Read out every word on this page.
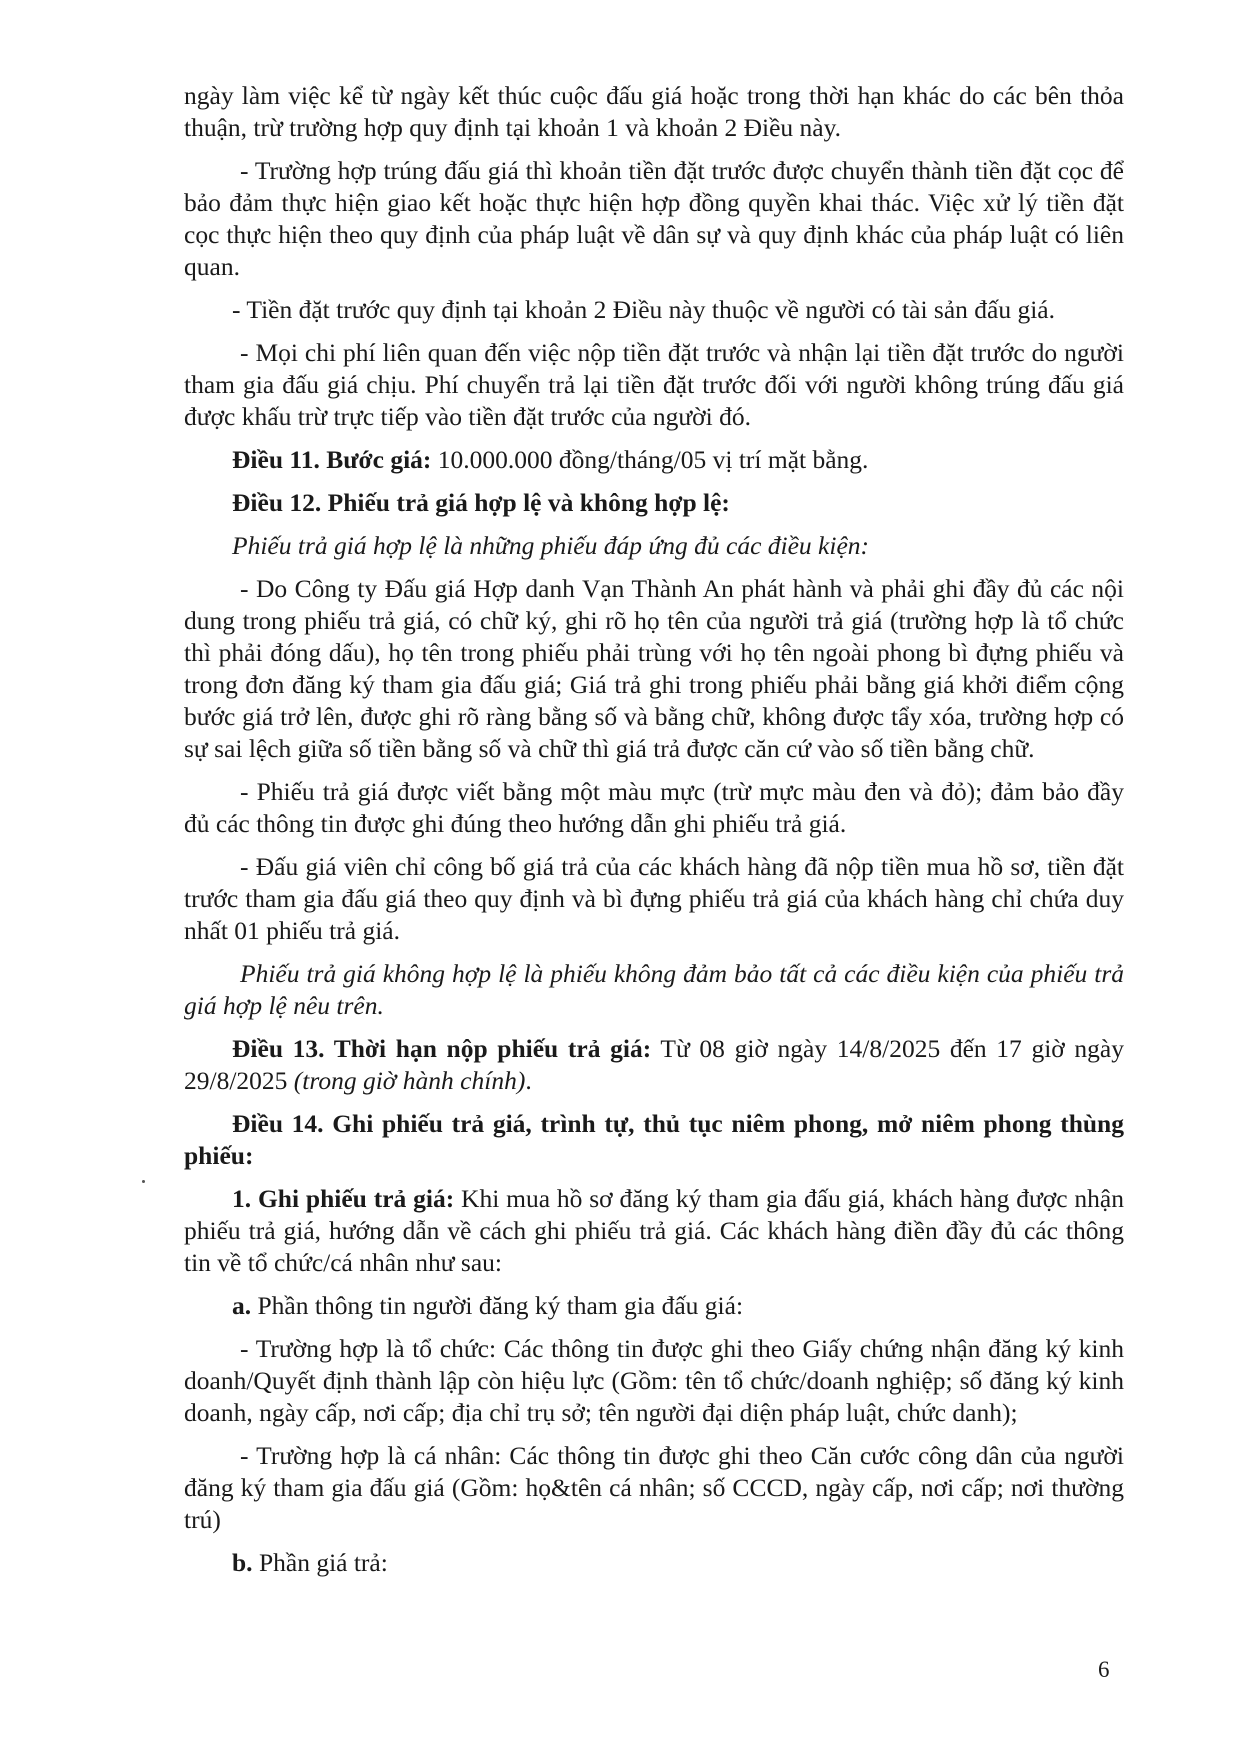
ngày làm việc kể từ ngày kết thúc cuộc đấu giá hoặc trong thời hạn khác do các bên thỏa thuận, trừ trường hợp quy định tại khoản 1 và khoản 2 Điều này.

- Trường hợp trúng đấu giá thì khoản tiền đặt trước được chuyển thành tiền đặt cọc để bảo đảm thực hiện giao kết hoặc thực hiện hợp đồng quyền khai thác. Việc xử lý tiền đặt cọc thực hiện theo quy định của pháp luật về dân sự và quy định khác của pháp luật có liên quan.

- Tiền đặt trước quy định tại khoản 2 Điều này thuộc về người có tài sản đấu giá.

- Mọi chi phí liên quan đến việc nộp tiền đặt trước và nhận lại tiền đặt trước do người tham gia đấu giá chịu. Phí chuyển trả lại tiền đặt trước đối với người không trúng đấu giá được khấu trừ trực tiếp vào tiền đặt trước của người đó.

Điều 11. Bước giá: 10.000.000 đồng/tháng/05 vị trí mặt bằng.

Điều 12. Phiếu trả giá hợp lệ và không hợp lệ:

Phiếu trả giá hợp lệ là những phiếu đáp ứng đủ các điều kiện:

- Do Công ty Đấu giá Hợp danh Vạn Thành An phát hành và phải ghi đầy đủ các nội dung trong phiếu trả giá, có chữ ký, ghi rõ họ tên của người trả giá (trường hợp là tổ chức thì phải đóng dấu), họ tên trong phiếu phải trùng với họ tên ngoài phong bì đựng phiếu và trong đơn đăng ký tham gia đấu giá; Giá trả ghi trong phiếu phải bằng giá khởi điểm cộng bước giá trở lên, được ghi rõ ràng bằng số và bằng chữ, không được tẩy xóa, trường hợp có sự sai lệch giữa số tiền bằng số và chữ thì giá trả được căn cứ vào số tiền bằng chữ.

- Phiếu trả giá được viết bằng một màu mực (trừ mực màu đen và đỏ); đảm bảo đầy đủ các thông tin được ghi đúng theo hướng dẫn ghi phiếu trả giá.

- Đấu giá viên chỉ công bố giá trả của các khách hàng đã nộp tiền mua hồ sơ, tiền đặt trước tham gia đấu giá theo quy định và bì đựng phiếu trả giá của khách hàng chỉ chứa duy nhất 01 phiếu trả giá.

Phiếu trả giá không hợp lệ là phiếu không đảm bảo tất cả các điều kiện của phiếu trả giá hợp lệ nêu trên.

Điều 13. Thời hạn nộp phiếu trả giá: Từ 08 giờ ngày 14/8/2025 đến 17 giờ ngày 29/8/2025 (trong giờ hành chính).

Điều 14. Ghi phiếu trả giá, trình tự, thủ tục niêm phong, mở niêm phong thùng phiếu:

1. Ghi phiếu trả giá: Khi mua hồ sơ đăng ký tham gia đấu giá, khách hàng được nhận phiếu trả giá, hướng dẫn về cách ghi phiếu trả giá. Các khách hàng điền đầy đủ các thông tin về tổ chức/cá nhân như sau:

a. Phần thông tin người đăng ký tham gia đấu giá:

- Trường hợp là tổ chức: Các thông tin được ghi theo Giấy chứng nhận đăng ký kinh doanh/Quyết định thành lập còn hiệu lực (Gồm: tên tổ chức/doanh nghiệp; số đăng ký kinh doanh, ngày cấp, nơi cấp; địa chỉ trụ sở; tên người đại diện pháp luật, chức danh);

- Trường hợp là cá nhân: Các thông tin được ghi theo Căn cước công dân của người đăng ký tham gia đấu giá (Gồm: họ&tên cá nhân; số CCCD, ngày cấp, nơi cấp; nơi thường trú)

b. Phần giá trả:

6
